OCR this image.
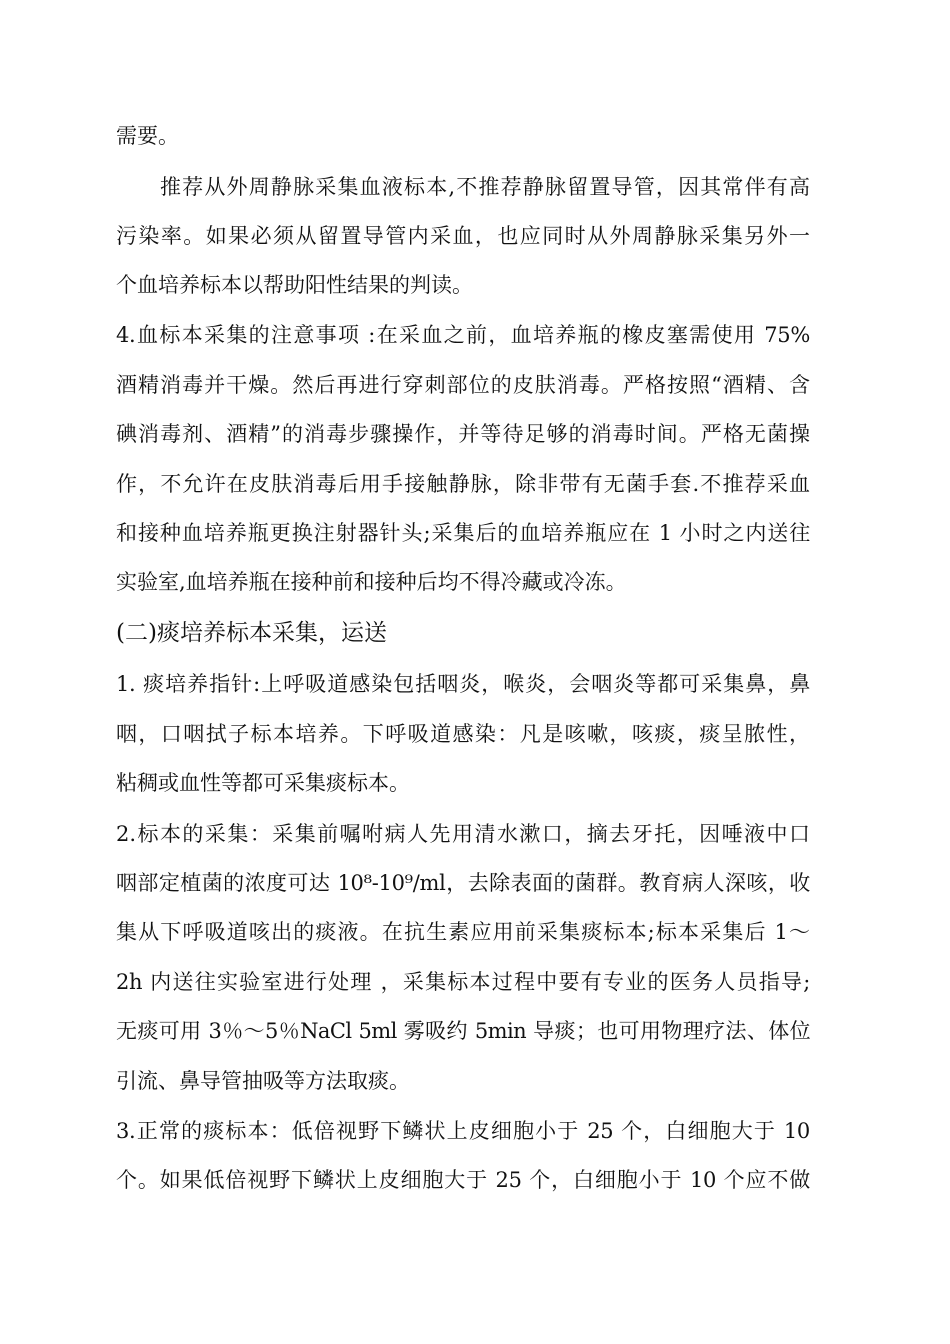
需要。
推荐从外周静脉采集血液标本,不推荐静脉留置导管，因其常伴有高
污染率。如果必须从留置导管内采血，也应同时从外周静脉采集另外一
个血培养标本以帮助阳性结果的判读。
4.血标本采集的注意事项 :在采血之前，血培养瓶的橡皮塞需使用 75%
酒精消毒并干燥。然后再进行穿刺部位的皮肤消毒。严格按照“酒精、含
碘消毒剂、酒精”的消毒步骤操作，并等待足够的消毒时间。严格无菌操
作，不允许在皮肤消毒后用手接触静脉，除非带有无菌手套.不推荐采血
和接种血培养瓶更换注射器针头;采集后的血培养瓶应在 1 小时之内送往
实验室,血培养瓶在接种前和接种后均不得冷藏或冷冻。
(二)痰培养标本采集，运送
1. 痰培养指针:上呼吸道感染包括咽炎，喉炎，会咽炎等都可采集鼻，鼻
咽，口咽拭子标本培养。下呼吸道感染：凡是咳嗽，咳痰，痰呈脓性，
粘稠或血性等都可采集痰标本。
2.标本的采集：采集前嘱咐病人先用清水漱口，摘去牙托，因唾液中口
咽部定植菌的浓度可达 10⁸-10⁹/ml，去除表面的菌群。教育病人深咳，收
集从下呼吸道咳出的痰液。在抗生素应用前采集痰标本;标本采集后 1～
2h 内送往实验室进行处理 ，采集标本过程中要有专业的医务人员指导;
无痰可用 3％～5％NaCl 5ml 雾吸约 5min 导痰；也可用物理疗法、体位
引流、鼻导管抽吸等方法取痰。
3.正常的痰标本：低倍视野下鳞状上皮细胞小于 25 个，白细胞大于 10
个。如果低倍视野下鳞状上皮细胞大于 25 个，白细胞小于 10 个应不做
